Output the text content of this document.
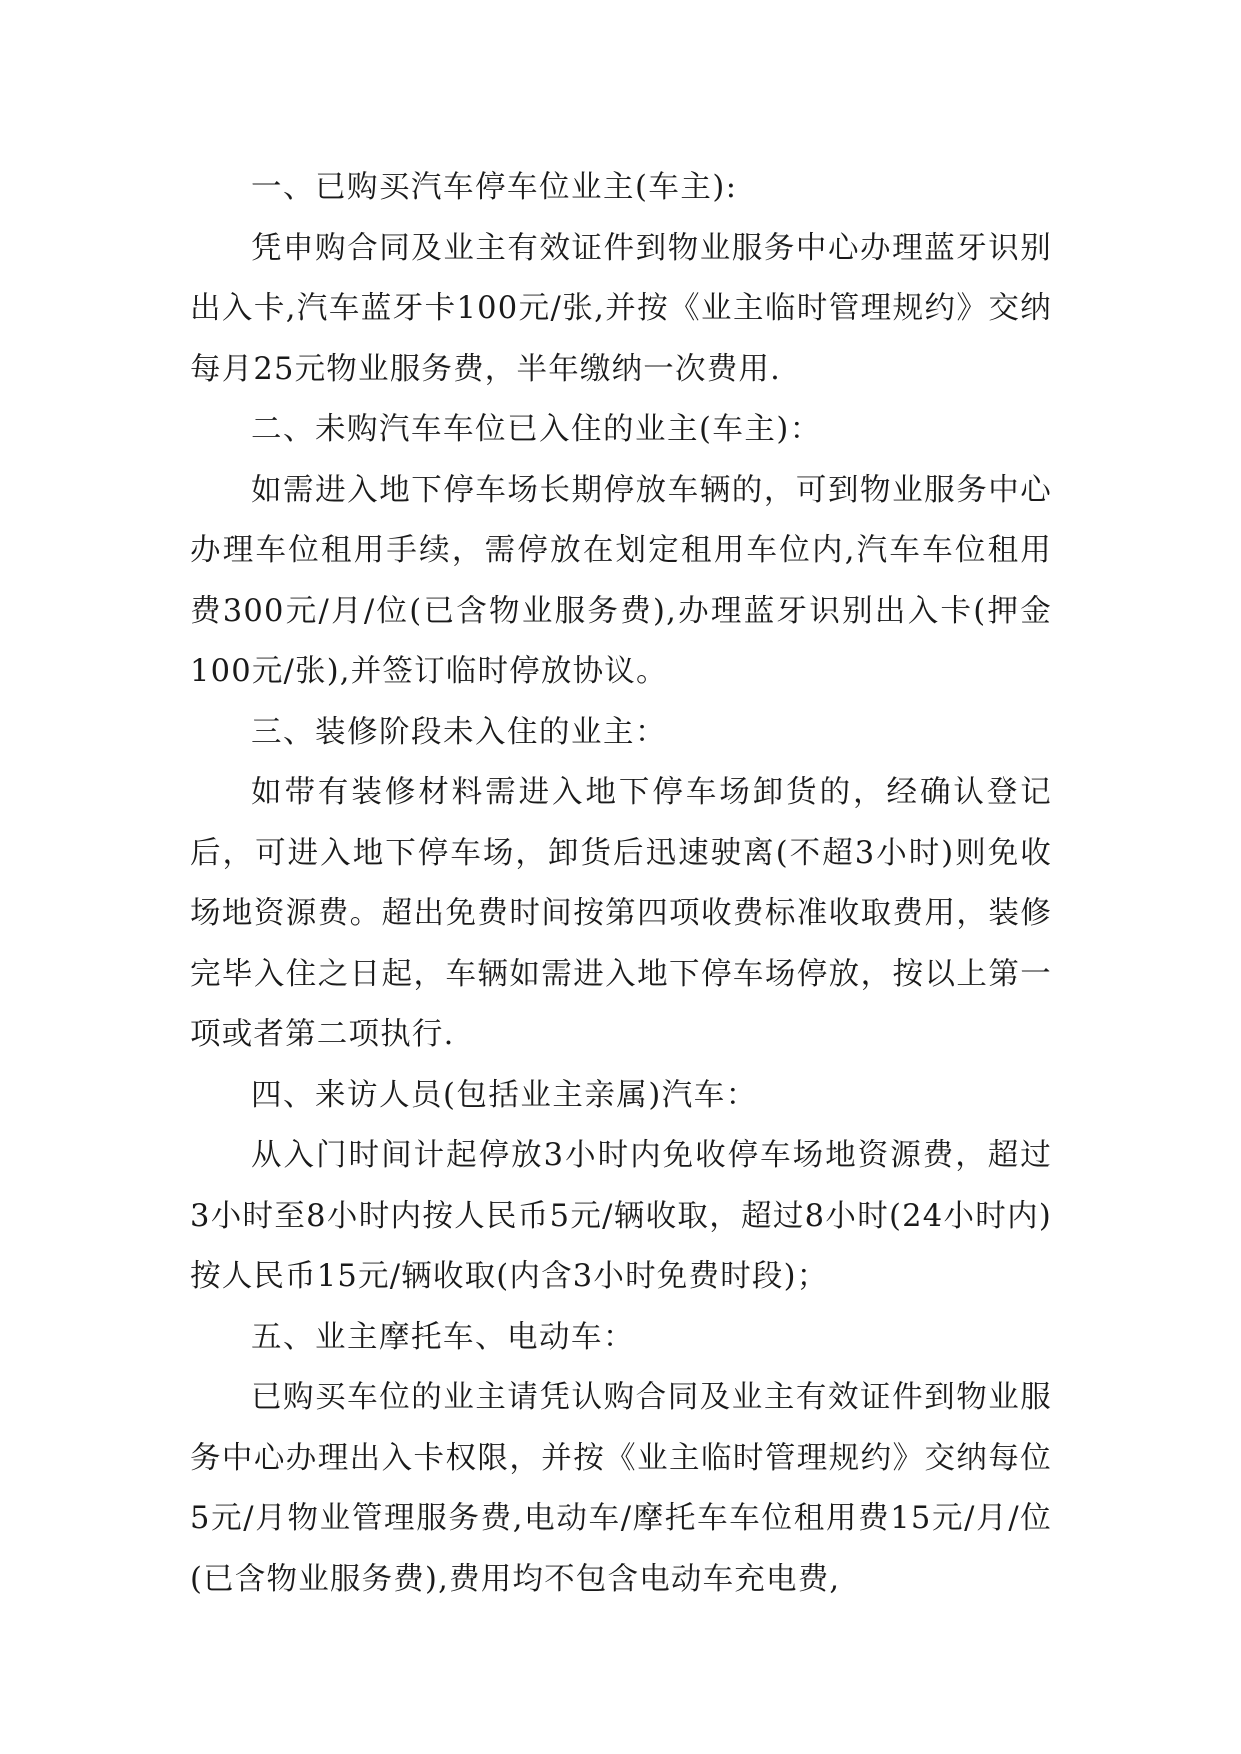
一、已购买汽车停车位业主(车主):

凭申购合同及业主有效证件到物业服务中心办理蓝牙识别出入卡,汽车蓝牙卡100元/张,并按《业主临时管理规约》交纳每月25元物业服务费，半年缴纳一次费用.

二、未购汽车车位已入住的业主(车主)：

如需进入地下停车场长期停放车辆的，可到物业服务中心办理车位租用手续，需停放在划定租用车位内,汽车车位租用费300元/月/位(已含物业服务费),办理蓝牙识别出入卡(押金100元/张),并签订临时停放协议。

三、装修阶段未入住的业主：

如带有装修材料需进入地下停车场卸货的，经确认登记后，可进入地下停车场，卸货后迅速驶离(不超3小时)则免收场地资源费。超出免费时间按第四项收费标准收取费用，装修完毕入住之日起，车辆如需进入地下停车场停放，按以上第一项或者第二项执行.

四、来访人员(包括业主亲属)汽车：

从入门时间计起停放3小时内免收停车场地资源费，超过3小时至8小时内按人民币5元/辆收取，超过8小时(24小时内)按人民币15元/辆收取(内含3小时免费时段)；

五、业主摩托车、电动车：

已购买车位的业主请凭认购合同及业主有效证件到物业服务中心办理出入卡权限，并按《业主临时管理规约》交纳每位5元/月物业管理服务费,电动车/摩托车车位租用费15元/月/位(已含物业服务费),费用均不包含电动车充电费,
